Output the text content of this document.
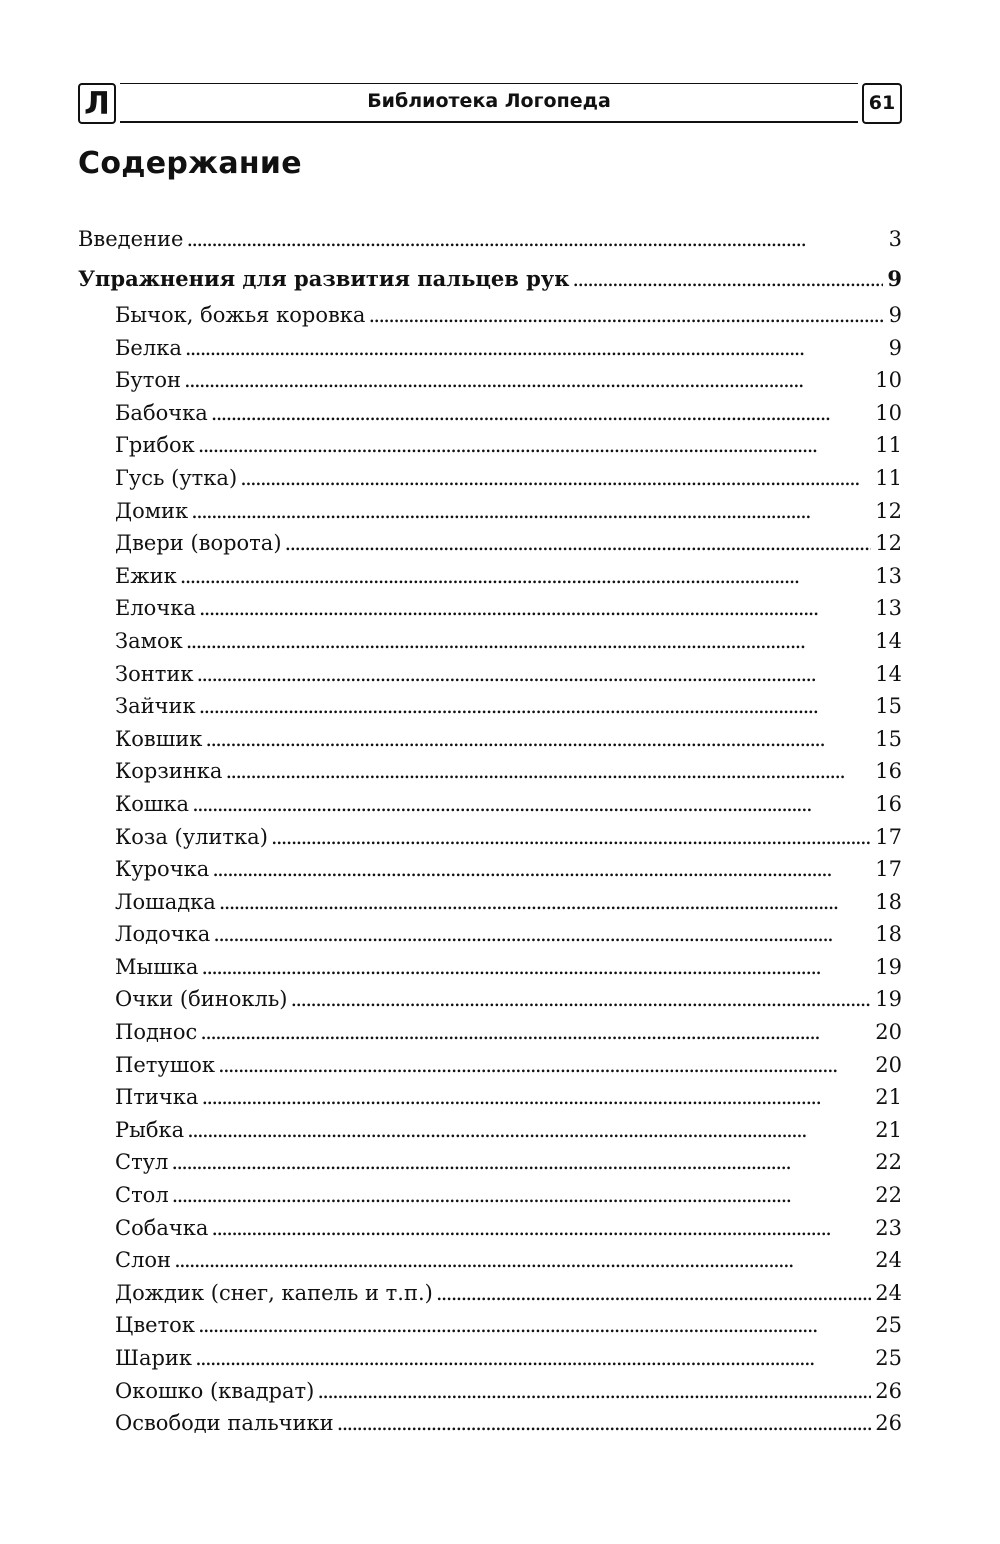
Л	Библиотека Логопеда	61
Содержание
Введение . . .	3
Упражнения для развития пальцев рук . . .	9
Бычок, божья коровка . . .	9
Белка . . .	9
Бутон . . .	10
Бабочка . . .	10
Грибок . . .	11
Гусь (утка) . . .	11
Домик . . .	12
Двери (ворота) . . .	12
Ежик . . .	13
Елочка . . .	13
Замок . . .	14
Зонтик . . .	14
Зайчик . . .	15
Ковшик . . .	15
Корзинка . . .	16
Кошка . . .	16
Коза (улитка) . . .	17
Курочка . . .	17
Лошадка . . .	18
Лодочка . . .	18
Мышка . . .	19
Очки (бинокль) . . .	19
Поднос . . .	20
Петушок . . .	20
Птичка . . .	21
Рыбка . . .	21
Стул . . .	22
Стол . . .	22
Собачка . . .	23
Слон . . .	24
Дождик (снег, капель и т.п.) . . .	24
Цветок . . .	25
Шарик . . .	25
Окошко (квадрат) . . .	26
Освободи пальчики . . .	26
